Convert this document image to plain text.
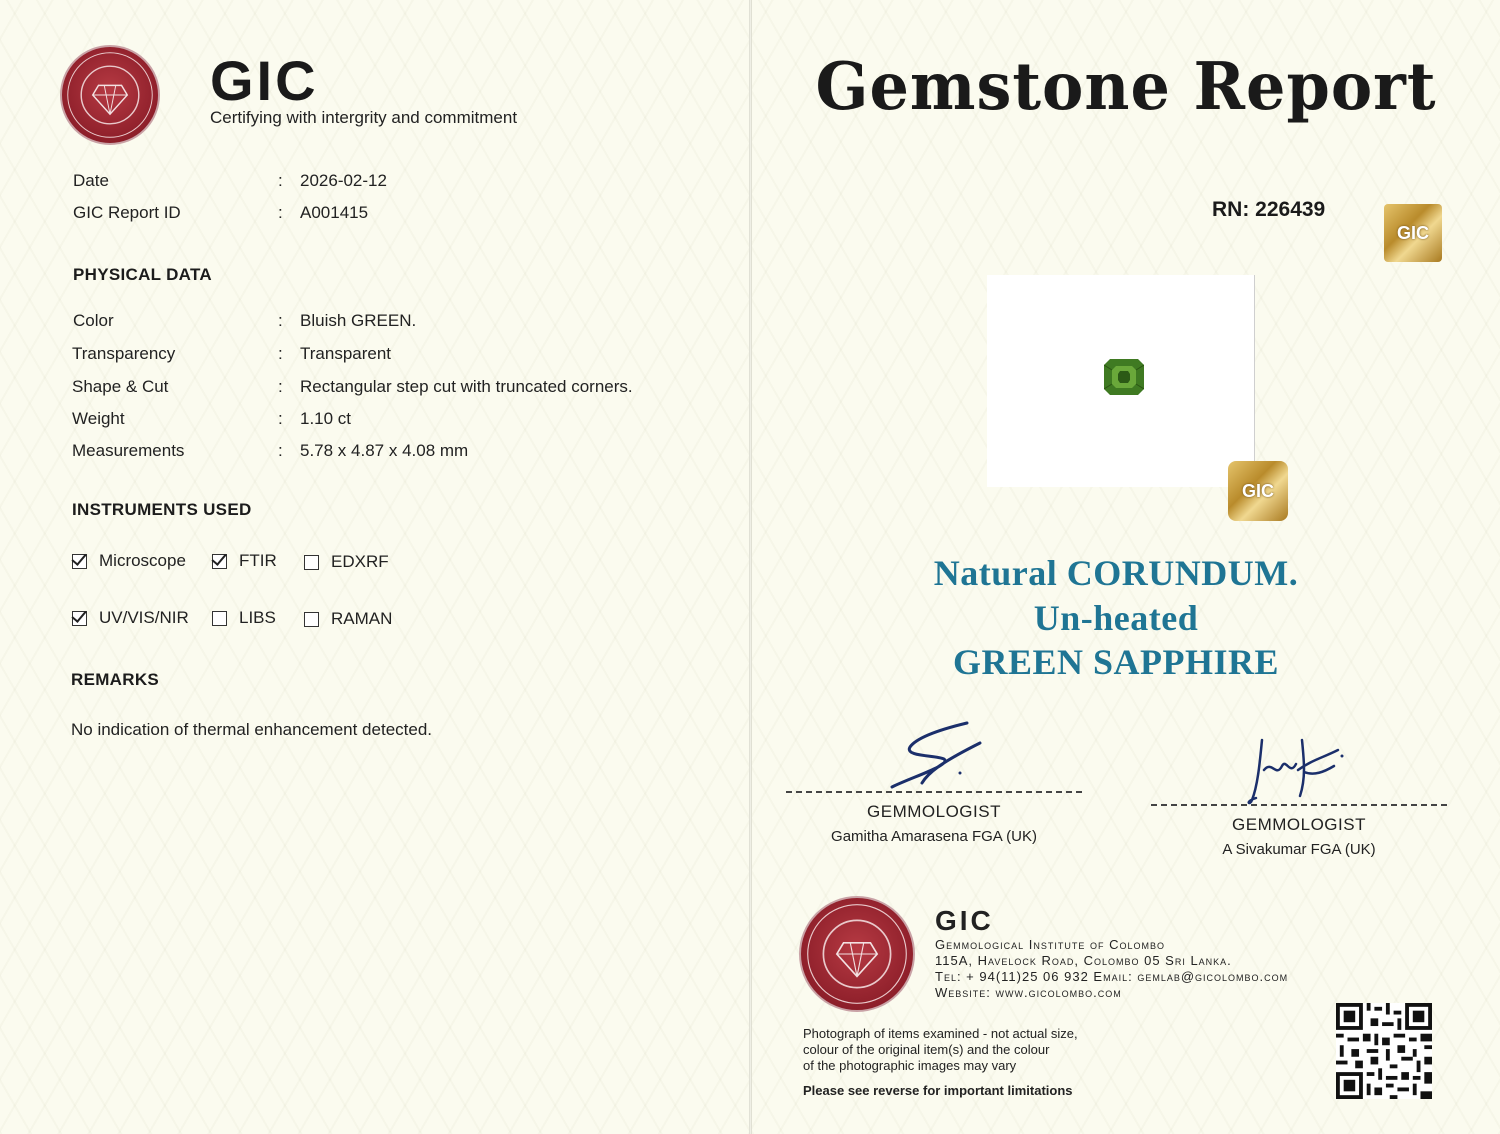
GIC
Certifying with intergrity and commitment
Date	: 2026-02-12
GIC Report ID	: A001415
PHYSICAL DATA
Color	: Bluish GREEN.
Transparency	: Transparent
Shape & Cut	: Rectangular step cut with truncated corners.
Weight	: 1.10 ct
Measurements	: 5.78 x 4.87 x 4.08 mm
INSTRUMENTS USED
Microscope	FTIR	EDXRF
UV/VIS/NIR	LIBS	RAMAN
REMARKS
No indication of thermal enhancement detected.
Gemstone Report
RN: 226439
GIC
GIC
Natural CORUNDUM.
Un-heated
GREEN SAPPHIRE
GEMMOLOGIST
Gamitha Amarasena FGA (UK)
GEMMOLOGIST
A Sivakumar FGA (UK)
GIC
Gemmological Institute of Colombo
115A, Havelock Road, Colombo 05 Sri Lanka.
Tel: + 94(11)25 06 932 Email: gemlab@gicolombo.com
Website: www.gicolombo.com
Photograph of items examined - not actual size,
colour of the original item(s) and the colour
of the photographic images may vary
Please see reverse for important limitations
